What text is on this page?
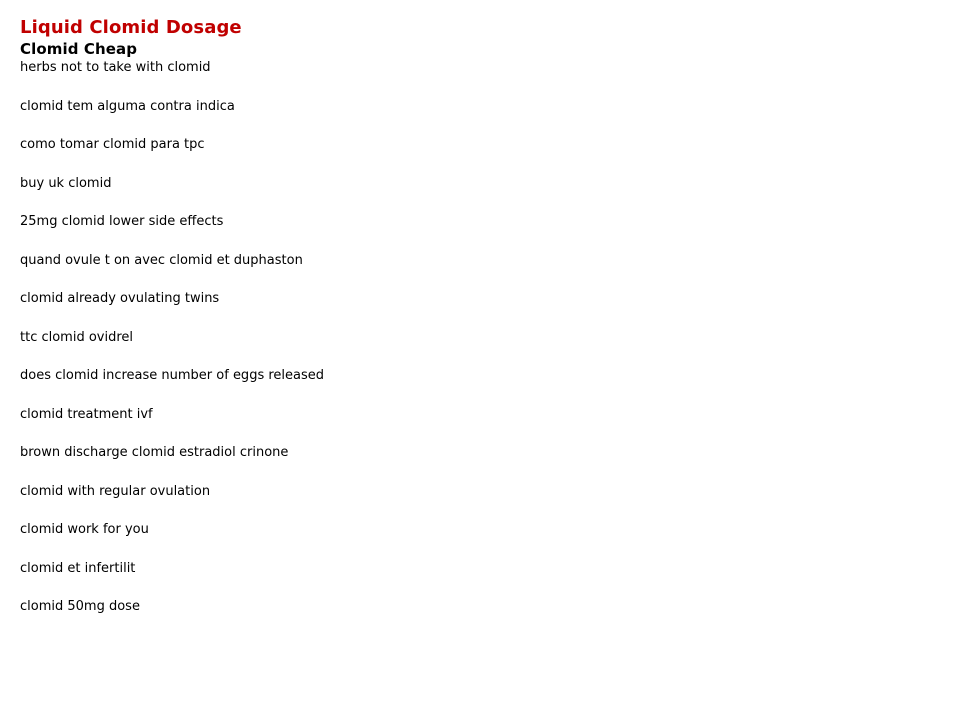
Liquid Clomid Dosage
Clomid Cheap
herbs not to take with clomid
clomid tem alguma contra indica
como tomar clomid para tpc
buy uk clomid
25mg clomid lower side effects
quand ovule t on avec clomid et duphaston
clomid already ovulating twins
ttc clomid ovidrel
does clomid increase number of eggs released
clomid treatment ivf
brown discharge clomid estradiol crinone
clomid with regular ovulation
clomid work for you
clomid et infertilit
clomid 50mg dose
